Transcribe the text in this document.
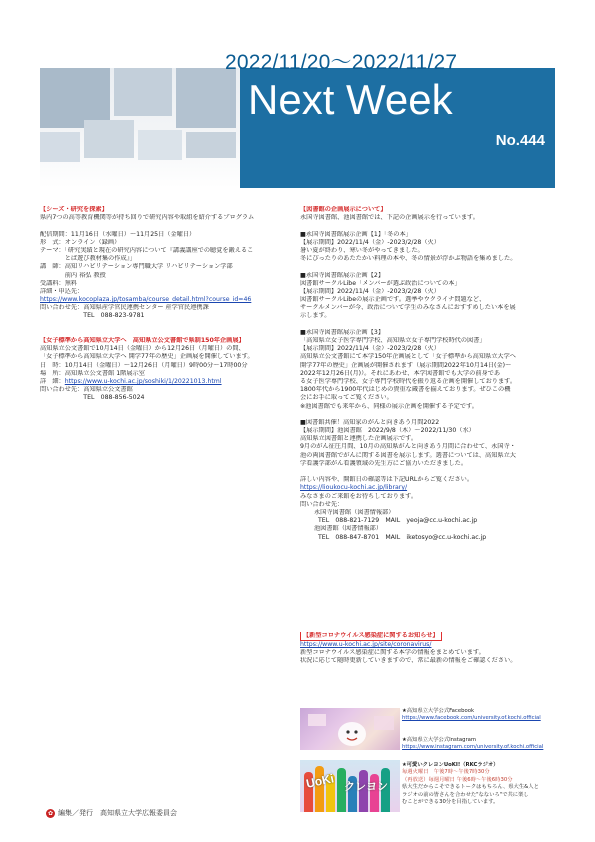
2022/11/20～2022/11/27
Next Week
No.444
【シーズ・研究を探索】
県内7つの高等教育機関等が持ち回りで研究内容や取組を紹介するプログラム
配信期間：11月16日（水曜日）～11月25日（金曜日）
形　式：オンライン（録画）
テーマ：「研究実績と現在の研究内容について『講義講座での聴覚を鍛えるこ
　　　　とば遊び教材集の作成』」
講　師：高知リハビリテーション専門職大学 リハビリテーション学部
　　　　前内 裕弘 教授
受講料：無料
詳細・申込先：
https://www.kocoplaza.jp/tosamba/course_detail.html?course_id=46
問い合わせ先：高知県産学官民連携センター 産学官民連携課
　　　　　　　TEL　088-823-9781
【女子標準から高知県立大学へ　高知県立公文書館で県制150年企画展】
高知県立公文書館で10月14日（金曜日）から12月26日（月曜日）の間、
「女子標準から高知県立大学へ 開学77年の歴史」企画展を開催しています。
日　時：10月14日（金曜日）～12月26日（月曜日）9時00分～17時00分
場　所：高知県立公文書館 1階展示室
詳　細：https://www.u-kochi.ac.jp/soshiki/1/20221013.html
問い合わせ先：高知県立公文書館
　　　　　　　TEL　088-856-5024
【図書館の企画展示について】
永国寺図書館、池図書館では、下記の企画展示を行っています。
■永国寺図書館展示企画【1】「冬の本」
【展示期間】2022/11/4（金）-2023/2/28（火）
暑い夏が終わり、寒い冬がやってきました。
冬にぴったりのあたたかい料理の本や、冬の情景が浮かぶ物語を集めました。
■永国寺図書館展示企画【2】
図書館サークルLibe「メンバーが選ぶ政治についての本」
【展示期間】2022/11/4（金）-2023/2/28（火）
図書館サークルLibeの展示企画です。選挙やウクライナ問題など、
サークルメンバーが今、政治について学生のみなさんにおすすめしたい本を展
示します。
■永国寺図書館展示企画【3】
「高知県立女子医学専門学校、高知県立女子専門学校時代の図書」
【展示期間】2022/11/4（金）-2023/2/28（火）
高知県立公文書館にて本学150年企画展として「女子標準から高知県立大学へ
開学77年の歴史」企画展が開催されます（展示期間2022年10月14日(金)～
2022年12月26日(月)）。それにあわせ、本学図書館でも大学の前身であ
る女子医学専門学校、女子専門学校時代を振り返る企画を開催しております。
1800年代から1900年代はじめの貴重な蔵書を揃えております。ぜひこの機
会にお手に取ってご覧ください。
※池図書館でも来年から、同様の展示企画を開催する予定です。
■図書館共催！高知家のがんと向きあう月間2022
【展示期間】池図書館　2022/9/8（木）～2022/11/30（水）
高知県立図書館と連携した企画展示です。
9月のがん征圧月間、10月の高知県がんと向きあう月間に合わせて、永国寺・
池の両図書館でがんに関する図書を展示します。選書については、高知県立大
学看護学部がん看護領域の先生方にご協力いただきました。
詳しい内容や、開館日の確認等は下記URLからご覧ください。
https://lioukocu-kochi.ac.jp/library/
みなさまのご来館をお待ちしております。
問い合わせ先：
永国寺図書館（図書情報部）
TEL　088-821-7129　MAIL　yeoja@cc.u-kochi.ac.jp
池図書館（図書情報部）
TEL　088-847-8701　MAIL　iketosyo@cc.u-kochi.ac.jp
【新型コロナウイルス感染症に関するお知らせ】
https://www.u-kochi.ac.jp/site/coronavirus/
新型コロナウイルス感染症に関する本学の情報をまとめています。
状況に応じて随時更新していきますので、常に最新の情報をご確認ください。
UoKi クレヨン
★高知県立大学公式Facebook
https://www.facebook.com/university.of.kochi.official
★高知県立大学公式Instagram
https://www.instagram.com/university.of.kochi.official
★可愛いクレヨンUoKI!（RKCラジオ）
毎週火曜日　午後7時～午後7時30分
（再放送）毎週月曜日 午後6時～午後6時30分
県大生だからこそできるトークはもちろん、県大生&人と
ラジオの前の皆さんを合わせた"なないろ"で共に楽し
むことができる30分を目指しています。
✿ 編集／発行　高知県立大学広報委員会
